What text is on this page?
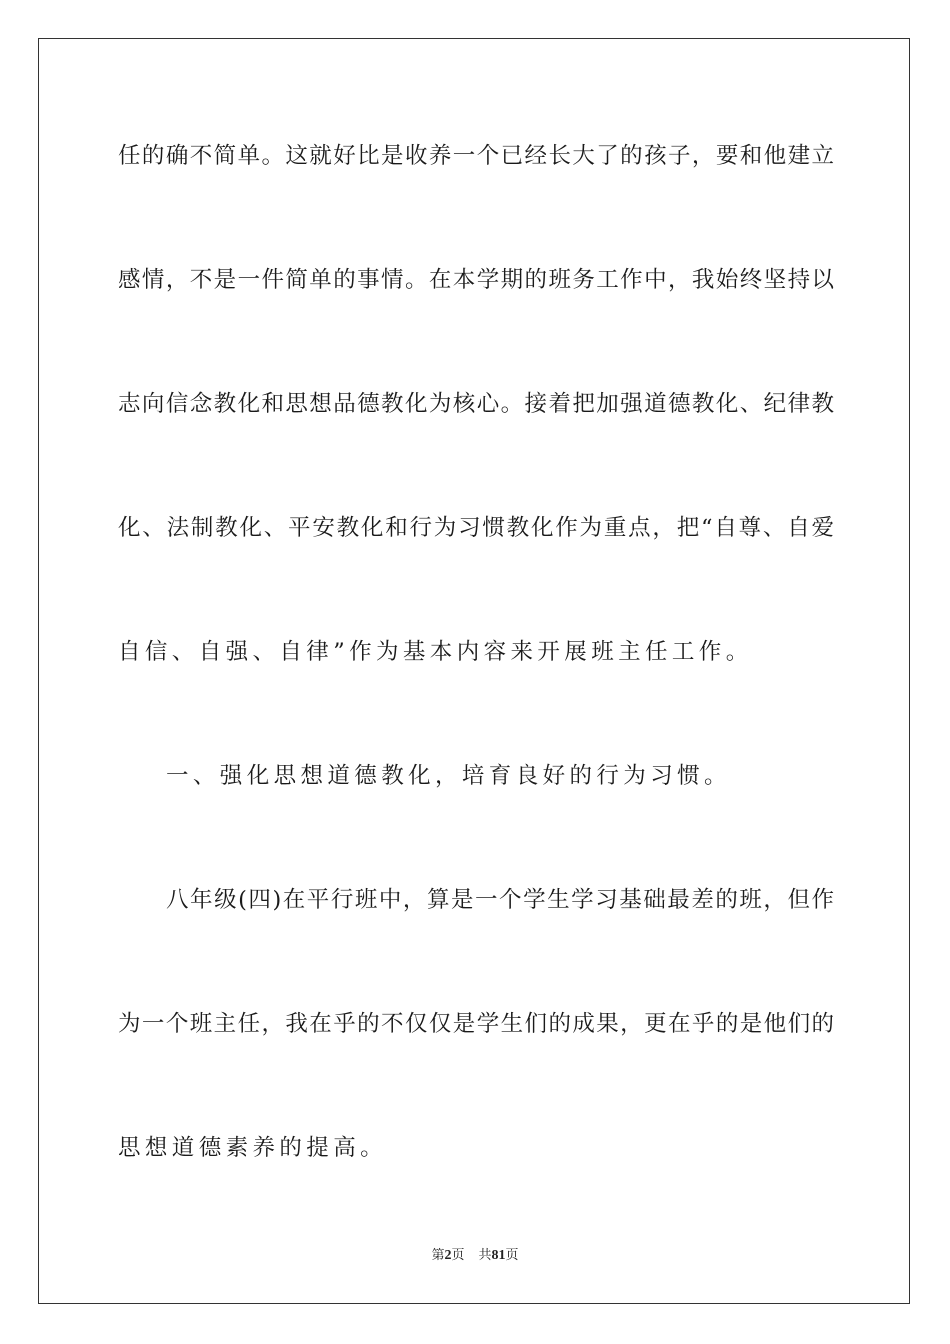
任的确不简单。这就好比是收养一个已经长大了的孩子，要和他建立
感情，不是一件简单的事情。在本学期的班务工作中，我始终坚持以
志向信念教化和思想品德教化为核心。接着把加强道德教化、纪律教
化、法制教化、平安教化和行为习惯教化作为重点，把“自尊、自爱
自信、自强、自律”作为基本内容来开展班主任工作。
一、强化思想道德教化，培育良好的行为习惯。
八年级(四)在平行班中，算是一个学生学习基础最差的班，但作
为一个班主任，我在乎的不仅仅是学生们的成果，更在乎的是他们的
思想道德素养的提高。
第2页 共81页
